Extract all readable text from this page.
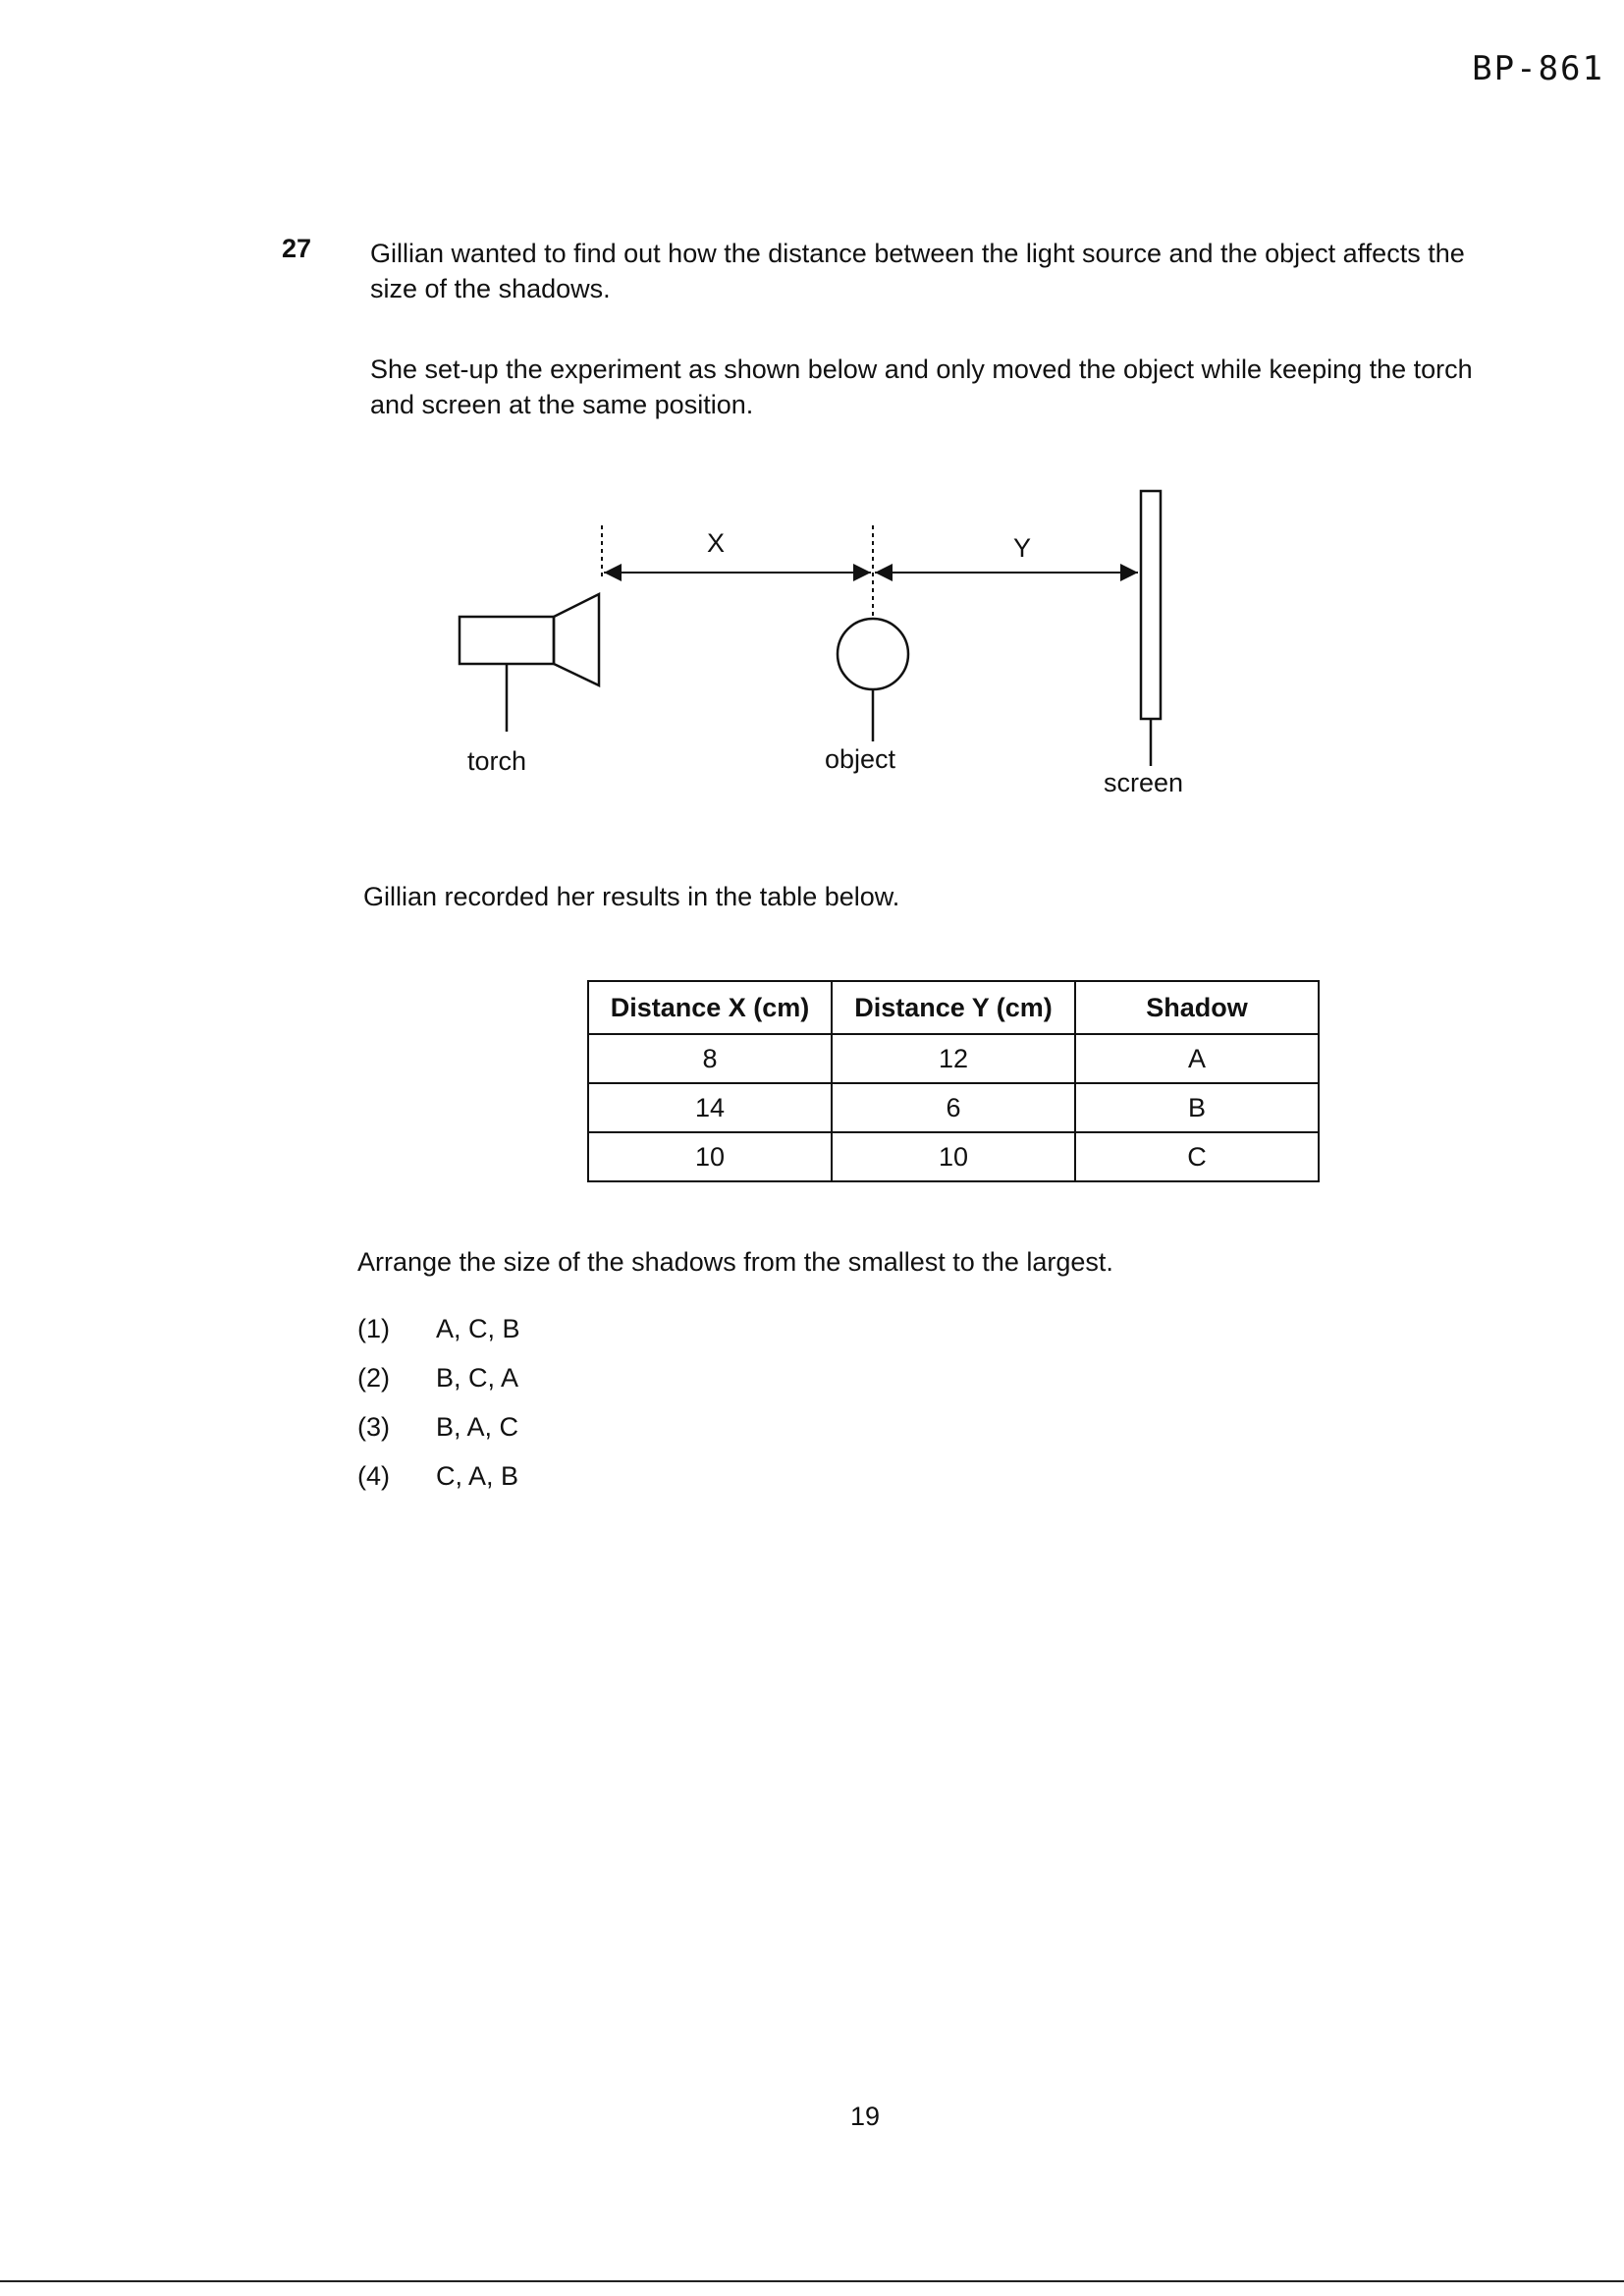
BP-861
27 Gillian wanted to find out how the distance between the light source and the object affects the size of the shadows.
She set-up the experiment as shown below and only moved the object while keeping the torch and screen at the same position.
X	Y
torch	object
screen
Gillian recorded her results in the table below.
Distance X (cm)	Distance Y (cm)	Shadow
8	12	A
14	6	B
10	10	C
Arrange the size of the shadows from the smallest to the largest.
(1)	A, C, B
(2)	B, C, A
(3)	B, A, C
(4)	C, A, B
19
